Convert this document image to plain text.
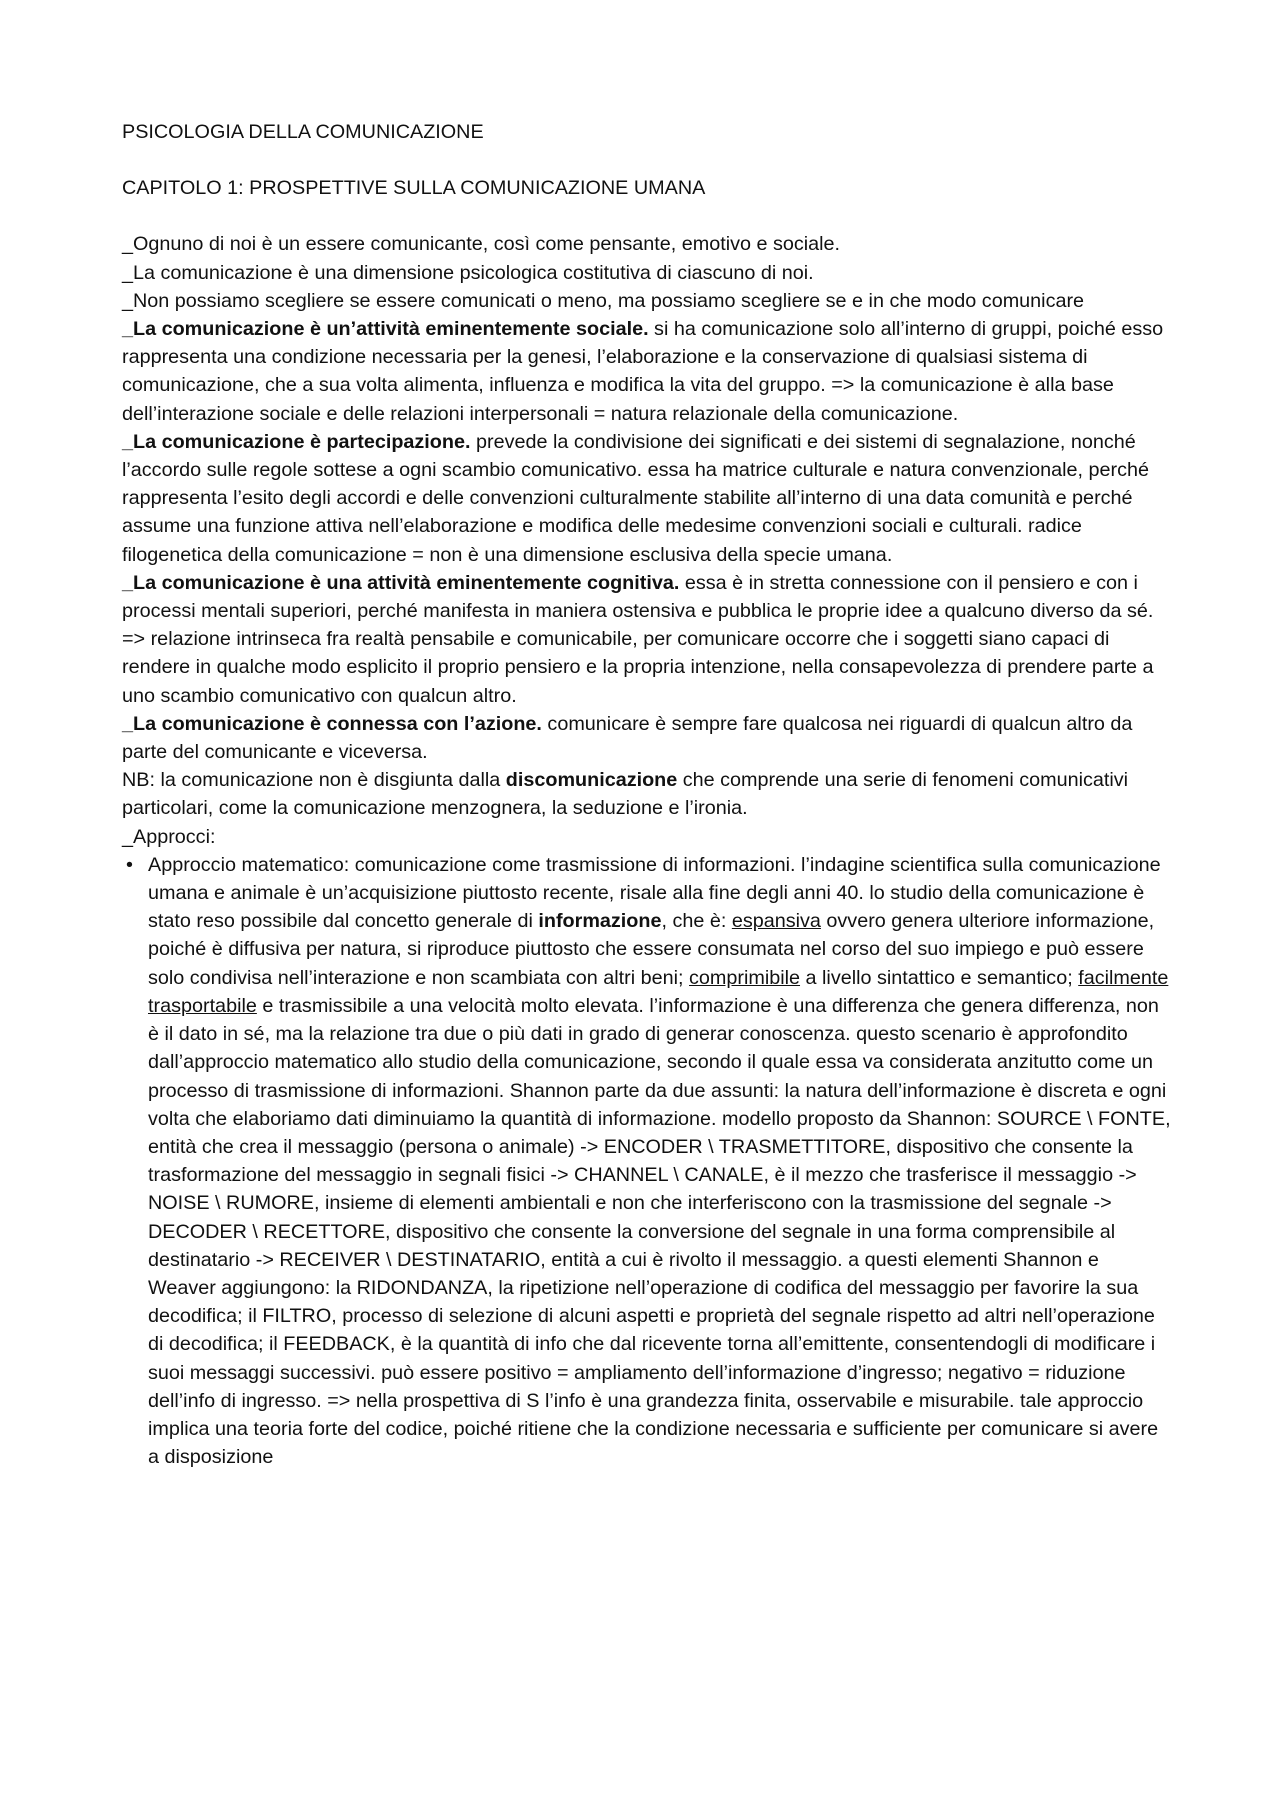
PSICOLOGIA DELLA COMUNICAZIONE
CAPITOLO 1: PROSPETTIVE SULLA COMUNICAZIONE UMANA

_Ognuno di noi è un essere comunicante, così come pensante, emotivo e sociale.

_La comunicazione è una dimensione psicologica costitutiva di ciascuno di noi.

_Non possiamo scegliere se essere comunicati o meno, ma possiamo scegliere se e in che modo comunicare

_La comunicazione è un’attività eminentemente sociale. si ha comunicazione solo all’interno di gruppi, poiché esso rappresenta una condizione necessaria per la genesi, l’elaborazione e la conservazione di qualsiasi sistema di comunicazione, che a sua volta alimenta, influenza e modifica la vita del gruppo. => la comunicazione è alla base dell’interazione sociale e delle relazioni interpersonali = natura relazionale della comunicazione.

_La comunicazione è partecipazione. prevede la condivisione dei significati e dei sistemi di segnalazione, nonché l’accordo sulle regole sottese a ogni scambio comunicativo. essa ha matrice culturale e natura convenzionale, perché rappresenta l’esito degli accordi e delle convenzioni culturalmente stabilite all’interno di una data comunità e perché assume una funzione attiva nell’elaborazione e modifica delle medesime convenzioni sociali e culturali. radice filogenetica della comunicazione = non è una dimensione esclusiva della specie umana.

_La comunicazione è una attività eminentemente cognitiva. essa è in stretta connessione con il pensiero e con i processi mentali superiori, perché manifesta in maniera ostensiva e pubblica le proprie idee a qualcuno diverso da sé. => relazione intrinseca fra realtà pensabile e comunicabile, per comunicare occorre che i soggetti siano capaci di rendere in qualche modo esplicito il proprio pensiero e la propria intenzione, nella consapevolezza di prendere parte a uno scambio comunicativo con qualcun altro.

_La comunicazione è connessa con l’azione. comunicare è sempre fare qualcosa nei riguardi di qualcun altro da parte del comunicante e viceversa.

NB: la comunicazione non è disgiunta dalla discomunicazione che comprende una serie di fenomeni comunicativi particolari, come la comunicazione menzognera, la seduzione e l’ironia.

_Approcci:

• Approccio matematico: comunicazione come trasmissione di informazioni. l’indagine scientifica sulla comunicazione umana e animale è un’acquisizione piuttosto recente, risale alla fine degli anni 40. lo studio della comunicazione è stato reso possibile dal concetto generale di informazione, che è: espansiva ovvero genera ulteriore informazione, poiché è diffusiva per natura, si riproduce piuttosto che essere consumata nel corso del suo impiego e può essere solo condivisa nell’interazione e non scambiata con altri beni; comprimibile a livello sintattico e semantico; facilmente trasportabile e trasmissibile a una velocità molto elevata. l’informazione è una differenza che genera differenza, non è il dato in sé, ma la relazione tra due o più dati in grado di generar conoscenza. questo scenario è approfondito dall’approccio matematico allo studio della comunicazione, secondo il quale essa va considerata anzitutto come un processo di trasmissione di informazioni. Shannon parte da due assunti: la natura dell’informazione è discreta e ogni volta che elaboriamo dati diminuiamo la quantità di informazione. modello proposto da Shannon: SOURCE \ FONTE, entità che crea il messaggio (persona o animale) -> ENCODER \ TRASMETTITORE, dispositivo che consente la trasformazione del messaggio in segnali fisici -> CHANNEL \ CANALE, è il mezzo che trasferisce il messaggio -> NOISE \ RUMORE, insieme di elementi ambientali e non che interferiscono con la trasmissione del segnale -> DECODER \ RECETTORE, dispositivo che consente la conversione del segnale in una forma comprensibile al destinatario -> RECEIVER \ DESTINATARIO, entità a cui è rivolto il messaggio. a questi elementi Shannon e Weaver aggiungono: la RIDONDANZA, la ripetizione nell’operazione di codifica del messaggio per favorire la sua decodifica; il FILTRO, processo di selezione di alcuni aspetti e proprietà del segnale rispetto ad altri nell’operazione di decodifica; il FEEDBACK, è la quantità di info che dal ricevente torna all’emittente, consentendogli di modificare i suoi messaggi successivi. può essere positivo = ampliamento dell’informazione d’ingresso; negativo = riduzione dell’info di ingresso. => nella prospettiva di S l’info è una grandezza finita, osservabile e misurabile. tale approccio implica una teoria forte del codice, poiché ritiene che la condizione necessaria e sufficiente per comunicare si avere a disposizione
